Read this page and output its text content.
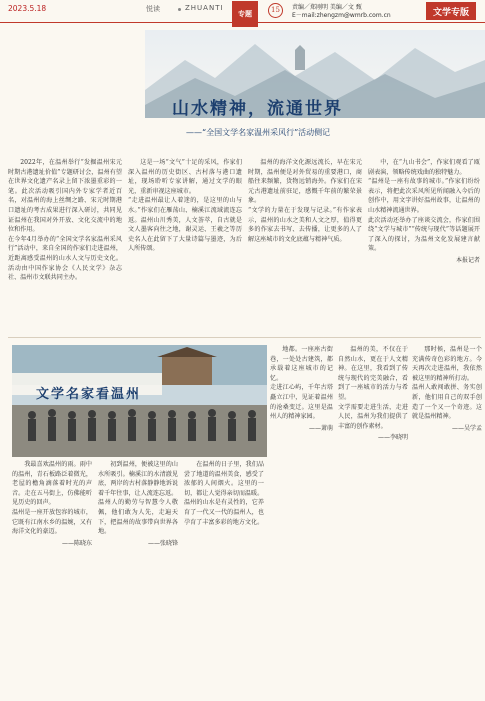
2023.5.18	悦读	ZHUANTI
专题	15	责编／郑刚明 美编／文 甄
E－mail:zhengzm@wmrb.com.cn	文学专版
山水精神，流通世界
——“全国文学名家温州采风行”活动侧记

2022年，在温州举行“发掘温州宋元时期古港遗址价值”专题研讨会，温州有望在世界文化遗产名录上留下浓墨重彩的一笔。此次活动吸引国内外专家学者近百名，对温州的海上丝绸之路、宋元时期港口遗址的考古成果进行深入研讨，共同见证温州在我国对外开放、文化交流中的地位和作用。
在今年4月举办的“全国文学名家温州采风行”活动中，来自全国的作家们走进温州，近距离感受温州的山水人文与历史文化。活动由中国作家协会《人民文学》杂志社、温州市文联共同主办。

这是一场“文气”十足的采风，作家们深入温州的历史街区、古村落与港口遗址，现场聆听专家讲解，通过文学的眼光，重新审视这座城市。
“走进温州最让人着迷的，是这里的山与水。”作家们在雁荡山、楠溪江流域流连忘返。温州山川秀美，人文荟萃，自古就是文人墨客向往之地，谢灵运、王羲之等历史名人在此留下了大量诗篇与墨迹，为后人所传颂。

温州的海洋文化源远流长，早在宋元时期，温州便是对外贸易的重要港口，商船往来频繁，货物远销海外。作家们在宋元古港遗址前驻足，感慨千年前的繁荣景象。
“文学的力量在于发现与记录。”有作家表示，温州的山水之美和人文之厚，值得更多的作家去书写、去传播，让更多的人了解这座城市的文化底蕴与精神气质。

中，在“九山书会”，作家们观看了瓯剧表演，领略传统戏曲的独特魅力。
“温州是一座有故事的城市。”作家们纷纷表示，将把此次采风所见所闻融入今后的创作中，用文字讲好温州故事，让温州的山水精神流通世界。
此次活动还举办了座谈交流会，作家们围绕“文学与城市”“传统与现代”等话题展开了深入的探讨，为温州文化发展建言献策。

本报记者
文学名家看温州

我最喜欢温州的雨。雨中的温州，青石板路泛着微光，老屋的檐角滴落着时光的声音。走在五马街上，仿佛能听见历史的回声。
温州是一座开放包容的城市，它既有江南水乡的温婉，又有海洋文化的豪迈。

——陈晓东

初到温州，便被这里的山水所吸引。楠溪江的水清澈见底，两岸的古村落静静地诉说着千年往事，让人流连忘返。
温州人的勤劳与智慧令人敬佩，他们敢为人先，走遍天下，把温州的故事带向世界各地。

——张晓锋

在温州的日子里，我们品尝了地道的温州美食，感受了浓郁的人间烟火。这里的一切，都让人觉得亲切而温暖。
温州的山水是有灵性的，它养育了一代又一代的温州人，也孕育了丰富多彩的地方文化。

地都。一座座古街巷，一处处古建筑，都承载着这座城市的记忆。
走进江心屿，千年古塔矗立江中，见证着温州的沧桑变迁。这里是温州人的精神家园。

——萧萌

温州的美，不仅在于自然山水，更在于人文精神。在这里，我看到了传统与现代的完美融合，看到了一座城市的活力与希望。
文学需要走进生活，走进人民，温州为我们提供了丰富的创作素材。

——李晓明

那时候，温州是一个充满传奇色彩的地方。今天再次走进温州，我依然被这里的精神所打动。
温州人敢闯敢拼、务实创新，他们用自己的双手创造了一个又一个奇迹。这就是温州精神。

——吴学孟
